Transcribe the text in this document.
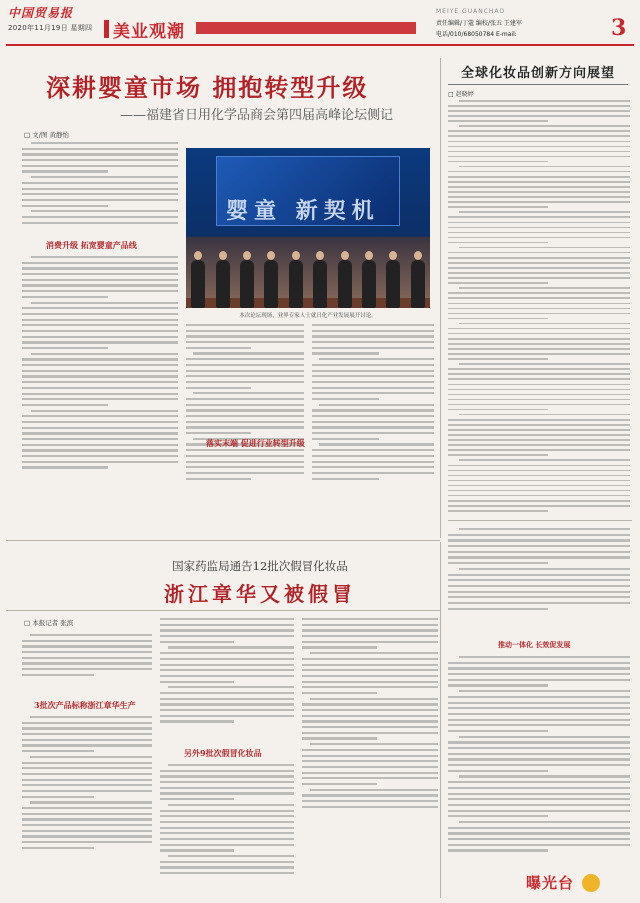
中国贸易报
2020年11月19日 星期四	美业观潮
MEIYE GUANCHAO
责任编辑/丁蔻 编校/张五 王建军
电话/010/68050784 E-mail:	3
深耕婴童市场 拥抱转型升级
——福建省日用化学品商会第四届高峰论坛侧记
□ 文/图 黄静怡
消费升级 拓宽婴童产品线
婴童 新契机
本次论坛现场，业界专家人士就日化产业发展展开讨论。
落实末端 促进行业转型升级
全球化妆品创新方向展望
□ 赵晓婷
推动一体化 长效促发展
国家药监局通告12批次假冒化妆品
浙江章华又被假冒
□ 本报记者 张滨
3批次产品标称浙江章华生产
另外9批次假冒化妆品
曝光台
